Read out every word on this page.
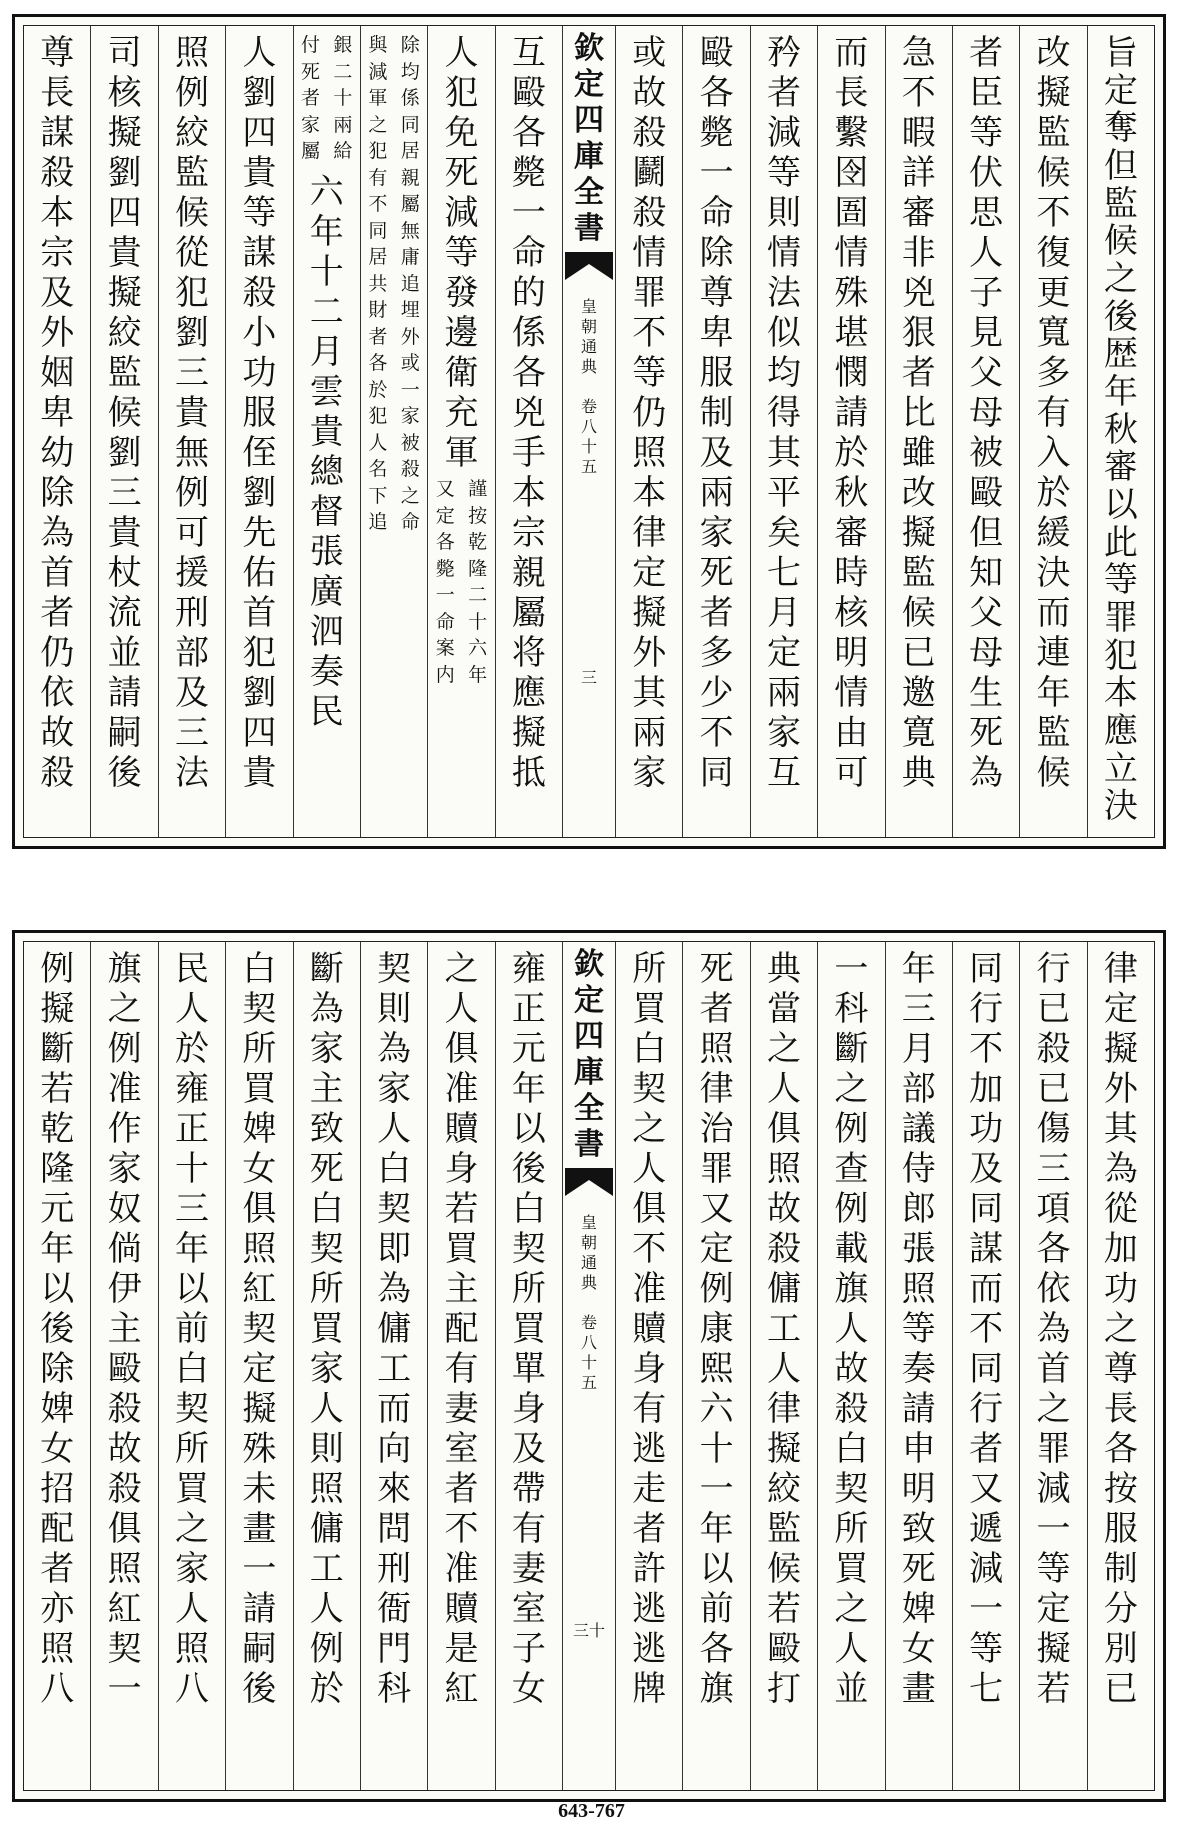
旨
定
奪
但
監
候
之
後
歴
年
秋
審
以
此
等
罪
犯
本
應
立
決
改
擬
監
候
不
復
更
寬
多
有
入
於
緩
決
而
連
年
監
候
者
臣
等
伏
思
人
子
見
父
母
被
毆
但
知
父
母
生
死
為
急
不
暇
詳
審
非
兇
狠
者
比
雖
改
擬
監
候
已
邀
寛
典
而
長
繫
囹
圄
情
殊
堪
憫
請
於
秋
審
時
核
明
情
由
可
矜
者
減
等
則
情
法
似
均
得
其
平
矣
七
月
定
兩
家
互
毆
各
斃
一
命
除
尊
卑
服
制
及
兩
家
死
者
多
少
不
同
或
故
殺
鬬
殺
情
罪
不
等
仍
照
本
律
定
擬
外
其
兩
家
欽
定
四
庫
全
書
皇
朝
通
典
卷
八
十
五
三
互
毆
各
斃
一
命
的
係
各
兇
手
本
宗
親
屬
将
應
擬
抵
人
犯
免
死
減
等
發
邊
衛
充
軍
謹
按
乾
隆
二
十
六
年
又
定
各
斃
一
命
案
内
除
均
係
同
居
親
屬
無
庸
追
埋
外
或
一
家
被
殺
之
命
與
減
軍
之
犯
有
不
同
居
共
財
者
各
於
犯
人
名
下
追
銀
二
十
兩
給
付
死
者
家
屬
六
年
十
二
月
雲
貴
總
督
張
廣
泗
奏
民
人
劉
四
貴
等
謀
殺
小
功
服
侄
劉
先
佑
首
犯
劉
四
貴
照
例
絞
監
候
從
犯
劉
三
貴
無
例
可
援
刑
部
及
三
法
司
核
擬
劉
四
貴
擬
絞
監
候
劉
三
貴
杖
流
並
請
嗣
後
尊
長
謀
殺
本
宗
及
外
姻
卑
幼
除
為
首
者
仍
依
故
殺
律
定
擬
外
其
為
從
加
功
之
尊
長
各
按
服
制
分
別
已
行
已
殺
已
傷
三
項
各
依
為
首
之
罪
減
一
等
定
擬
若
同
行
不
加
功
及
同
謀
而
不
同
行
者
又
遞
減
一
等
七
年
三
月
部
議
侍
郎
張
照
等
奏
請
申
明
致
死
婢
女
畫
一
科
斷
之
例
查
例
載
旗
人
故
殺
白
契
所
買
之
人
並
典
當
之
人
俱
照
故
殺
傭
工
人
律
擬
絞
監
候
若
毆
打
死
者
照
律
治
罪
又
定
例
康
熙
六
十
一
年
以
前
各
旗
所
買
白
契
之
人
俱
不
准
贖
身
有
逃
走
者
許
逃
逃
牌
欽
定
四
庫
全
書
皇
朝
通
典
卷
八
十
五
三十
雍
正
元
年
以
後
白
契
所
買
單
身
及
帶
有
妻
室
子
女
之
人
俱
准
贖
身
若
買
主
配
有
妻
室
者
不
准
贖
是
紅
契
則
為
家
人
白
契
即
為
傭
工
而
向
來
問
刑
衙
門
科
斷
為
家
主
致
死
白
契
所
買
家
人
則
照
傭
工
人
例
於
白
契
所
買
婢
女
俱
照
紅
契
定
擬
殊
未
畫
一
請
嗣
後
民
人
於
雍
正
十
三
年
以
前
白
契
所
買
之
家
人
照
八
旗
之
例
准
作
家
奴
倘
伊
主
毆
殺
故
殺
俱
照
紅
契
一
例
擬
斷
若
乾
隆
元
年
以
後
除
婢
女
招
配
者
亦
照
八
643-767
